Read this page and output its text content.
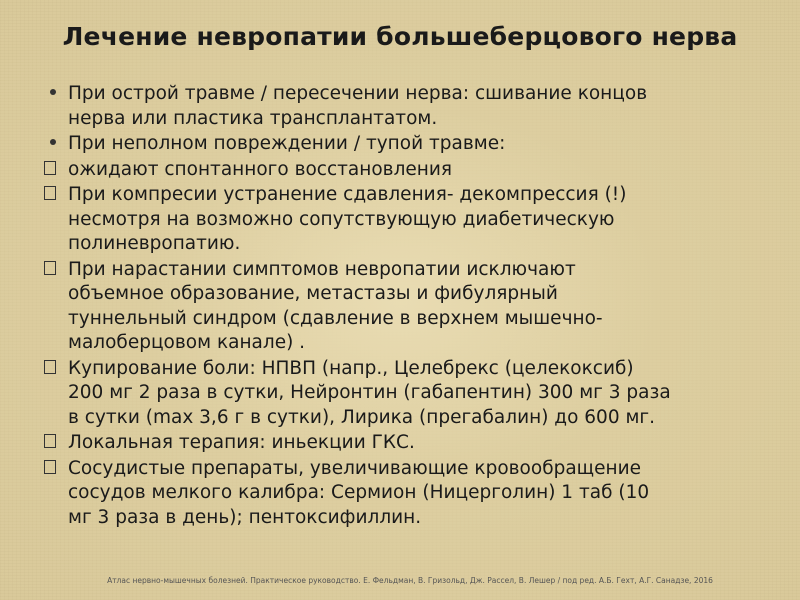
Лечение невропатии большеберцового нерва
При острой травме / пересечении нерва: сшивание концов
нерва или пластика трансплантатом.
При неполном повреждении / тупой травме:
ожидают спонтанного восстановления
При компресии устранение сдавления- декомпрессия (!)
несмотря на возможно сопутствующую диабетическую
полиневропатию.
При нарастании симптомов невропатии исключают
объемное образование, метастазы и фибулярный
туннельный синдром (сдавление в верхнем мышечно-
малоберцовом канале) .
Купирование боли: НПВП (напр., Целебрекс (целекоксиб)
200 мг 2 раза в сутки, Нейронтин (габапентин) 300 мг 3 раза
в сутки (max 3,6 г в сутки), Лирика (прегабалин) до 600 мг.
Локальная терапия: иньекции ГКС.
Сосудистые препараты, увеличивающие кровообращение
сосудов мелкого калибра: Сермион (Ницерголин) 1 таб (10
мг 3 раза в день); пентоксифиллин.
Атлас нервно-мышечных болезней. Практическое руководство. Е. Фельдман, В. Гризольд, Дж. Рассел, В. Лешер / под ред. А.Б. Гехт, А.Г. Санадзе, 2016
